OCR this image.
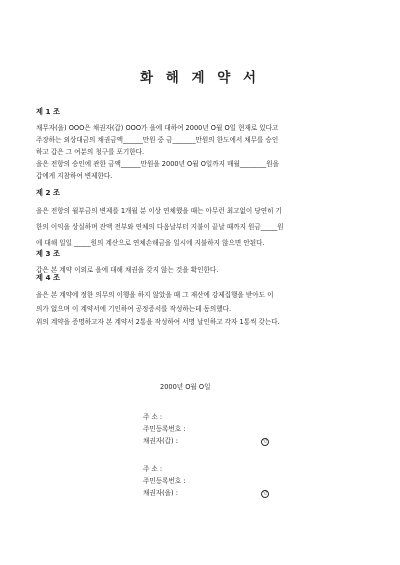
화 해 계 약 서
제 1 조
채무자(을) OOO은 채권자(갑) OOO가 을에 대하여 2000년 O월 O일 현재로 있다고
주장하는 외상대금의 채권금액______만원 중 금_______만원의 한도에서 채무를 승인
하고 갑은 그 여분의 청구를 포기한다.
을은 전항의 승인에 관한 금액______만원을 2000년 O월 O일까지 매월________원을
갑에게 지참하여 변제한다.
제 2 조
을은 전항의 월부금의 변제를 1개월 분 이상 연체했을 때는 아무런 최고없이 당연히 기
한의 이익을 상실하며 잔액 전부와 연체의 다음날부터 지불이 끝날 때까지 원금_____원
에 대해 일일 _____원의 계산으로 연체손해금을 일시에 지불하지 않으면 안된다.
제 3 조
갑은 본 계약 이외로 을에 대해 채권을 갖지 않는 것을 확인한다.
제 4 조
을은 본 계약에 정한 의무의 이행을 하지 않았을 때 그 재산에 강제집행을 받아도 이
의가 없으며 이 계약서에 기인하여 공정증서를 작성하는데 동의했다.
위의 계약을 증명하고자 본 계약서 2통을 작성하여 서명 날인하고 각자 1통씩 갖는다.
2000년 O월 O일
주 소 :
주민등록번호 :
채권자(갑) :	인
주 소 :
주민등록번호 :
채권자(을) :	인
